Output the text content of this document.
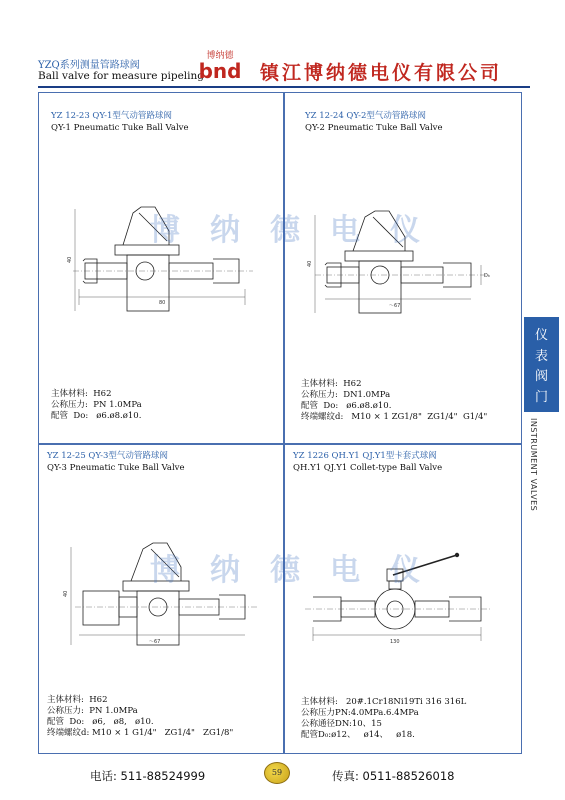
YZQ系列测量管路球阀
Ball valve for measure pipeling
博纳德
bnd 镇江博纳德电仪有限公司
YZ 12-23 QY-1型气动管路球阀
QY-1 Pneumatic Tuke Ball Valve
40
80
主体材料:  H62
公称压力:  PN 1.0MPa
配管  Do:   ø6.ø8.ø10.
YZ 12-24 QY-2型气动管路球阀
QY-2 Pneumatic Tuke Ball Valve
40
D₀
～67
主体材料:  H62
公称压力:  DN1.0MPa
配管  Do:   ø6.ø8.ø10.
终端螺纹d:   M10 × 1 ZG1/8"  ZG1/4"  G1/4"
YZ 12-25 QY-3型气动管路球阀
QY-3 Pneumatic Tuke Ball Valve
40
～67
主体材料:  H62
公称压力:  PN 1.0MPa
配管  Do:   ø6,   ø8,   ø10.
终端螺纹d: M10 × 1 G1/4"   ZG1/4"   ZG1/8"
YZ 1226 QH.Y1 QJ.Y1型卡套式球阀
QH.Y1 QJ.Y1 Collet-type Ball Valve
130
主体材料:   20#.1Cr18Ni19Ti 316 316L
公称压力PN:4.0MPa.6.4MPa
公称通径DN:10、15
配管D₀:ø12、   ø14、   ø18.
博纳德电仪
博纳德电仪
仪
表
阀
门
INSTRUMENT VALVES
电话: 511-88524999	59	传真: 0511-88526018
